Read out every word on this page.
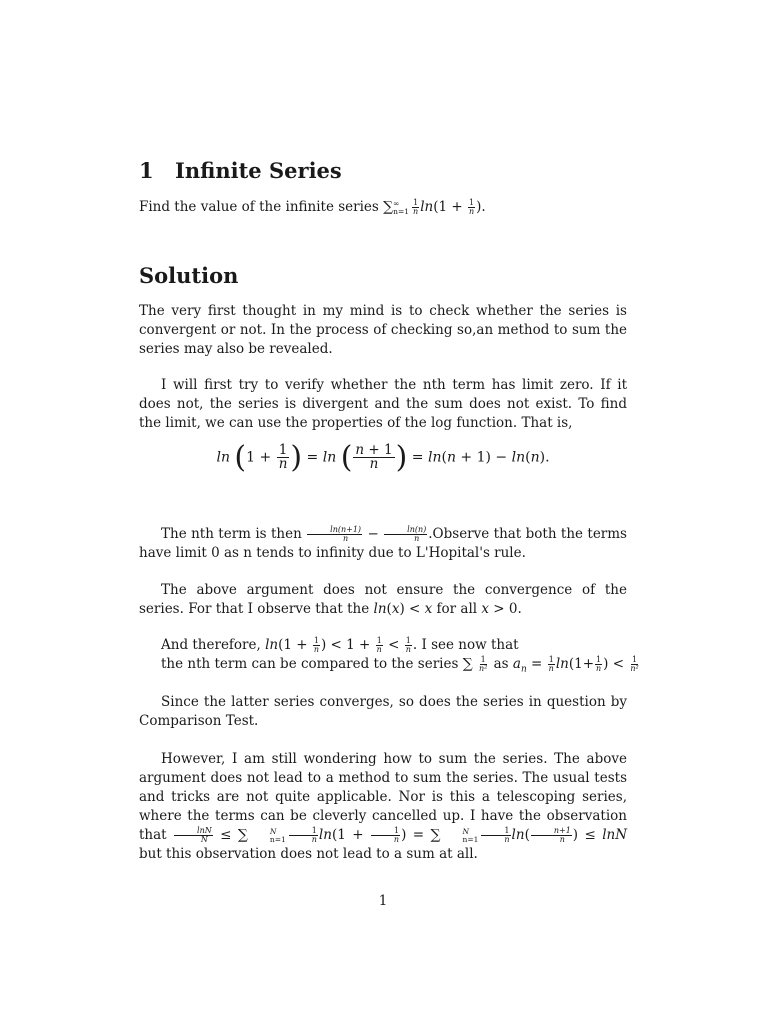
1 Infinite Series
Find the value of the infinite series ∑ ∞
$n=1 \frac{1}{n} \ln(1 + \frac{1}{n}$ ).
Solution
The very first thought in my mind is to check whether the series is convergent or not. In the process of checking so,an method to sum the series may also be revealed.
I will first try to verify whether the nth term has limit zero. If it does not, the series is divergent and the sum does not exist. To find the limit, we can use the properties of the log function. That is,
$\ln (1 + \frac{1}{n}$ ) = ln ( $\frac{n + 1}{n}$ ) = ln(n + 1) − ln(n).
The nth term is then $\frac{\ln(n+1)}{n} - \frac{\ln(n)}{n}$ .Observe that both the terms have limit 0 as n tends to infinity due to L'Hopital's rule.
The above argument does not ensure the convergence of the series. For that I observe that the ln(x) < x for all x > 0.
And therefore, $\ln(1 + \frac{1}{n}$ ) < $1 + \frac{1}{n} < \frac{1}{n}$ . I see now that
the nth term can be compared to the series ∑ $\frac{1}{\text{n²}}$ as $a_n = \frac{1}{n} \ln(1+ \frac{1}{n}$ ) < $\frac{1}{\text{n²}}$
Since the latter series converges, so does the series in question by Comparison Test.
However, I am still wondering how to sum the series. The above argument does not lead to a method to sum the series. The usual tests and tricks are not quite applicable. Nor is this a telescoping series, where the terms can be cleverly cancelled up. I have the observation that $\frac{\ln N}{N}$ ≤ ∑	N
$n=1 \frac{1}{n} \ln(1 + \frac{1}{n}$ ) = ∑	N
$n=1 \frac{1}{n} \ln( \frac{n+1}{n}$ ) ≤ lnN but this observation does not lead to a sum at all.
1
